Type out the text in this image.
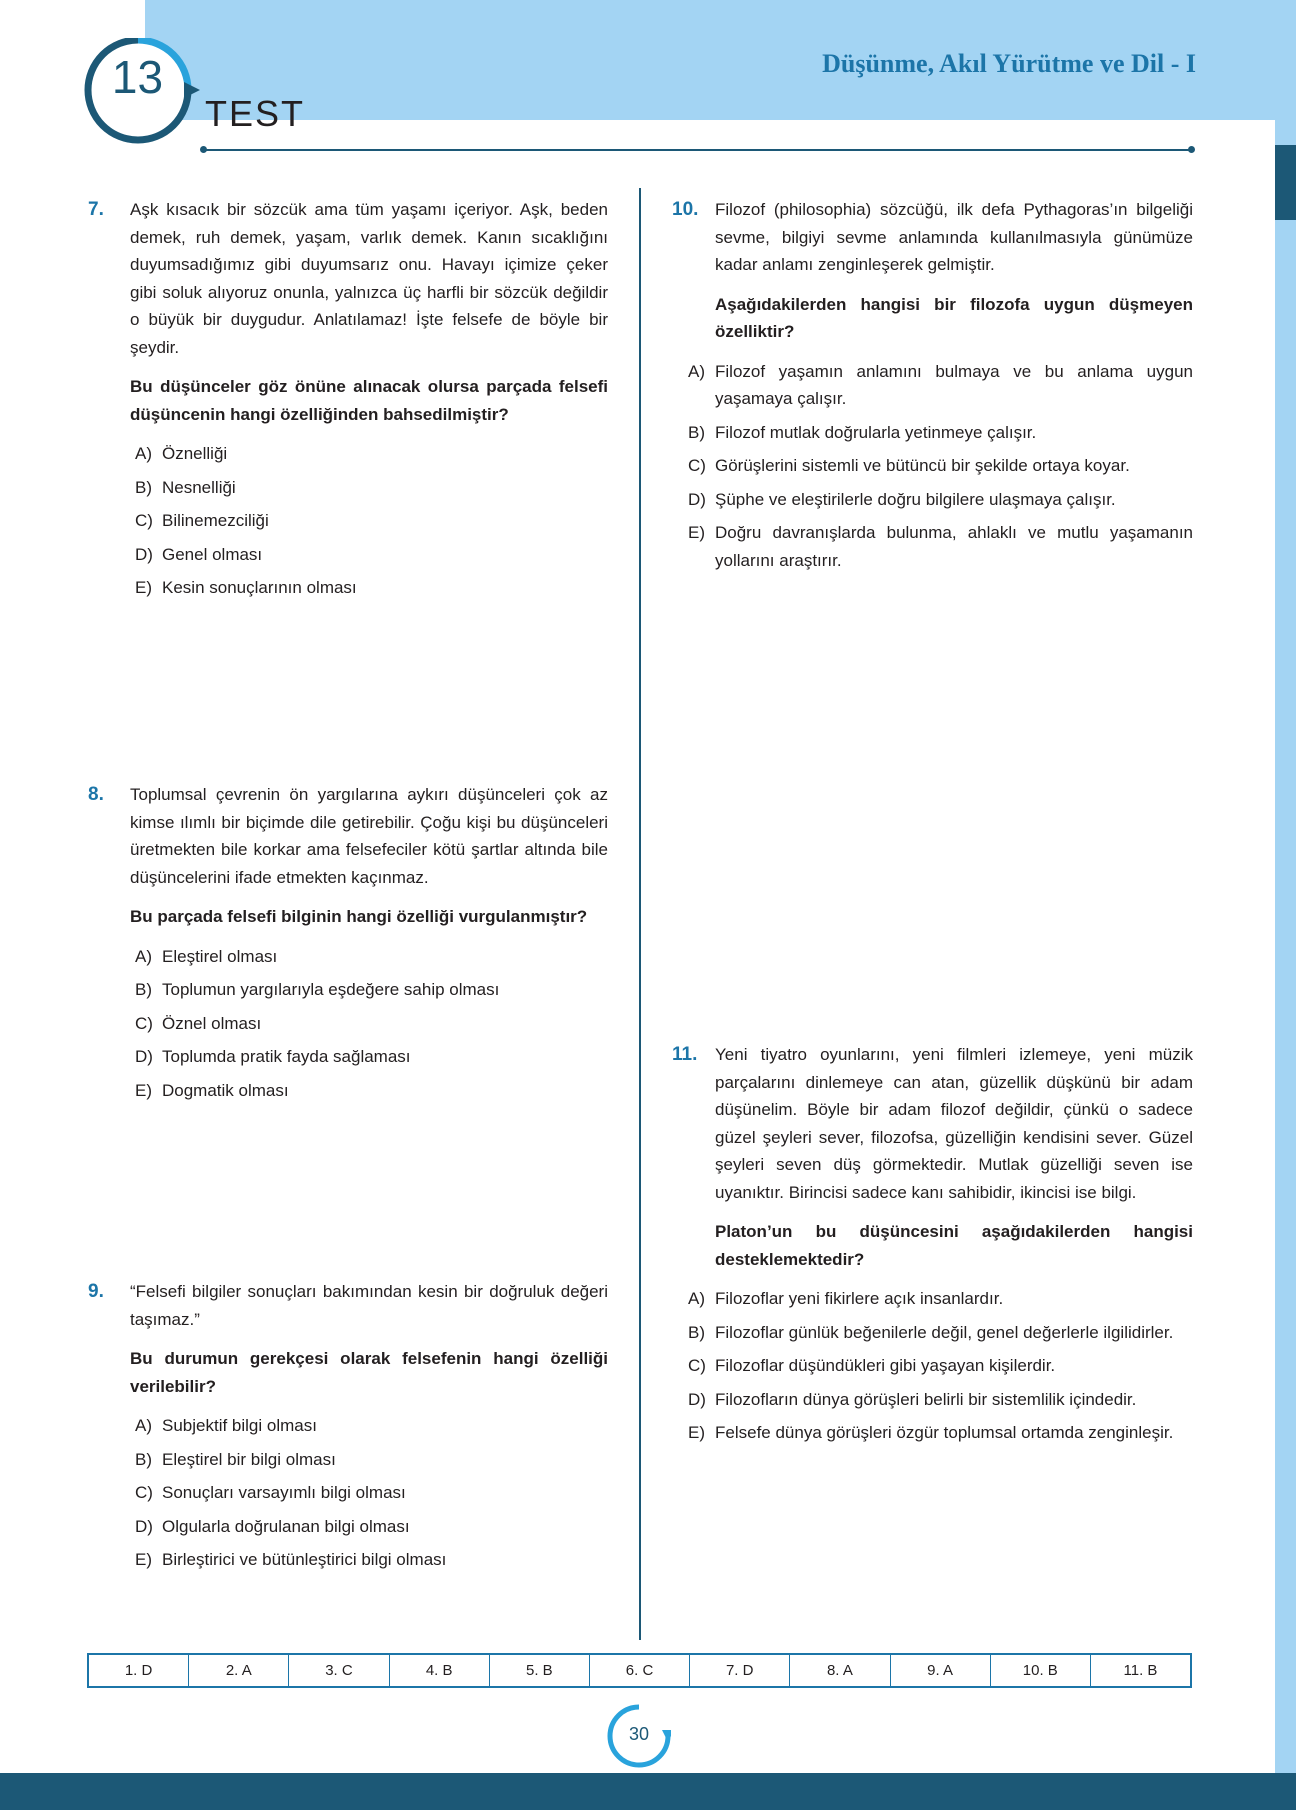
13
TEST
Düşünme, Akıl Yürütme ve Dil - I
7.	Aşk kısacık bir sözcük ama tüm yaşamı içeriyor. Aşk, beden demek, ruh demek, yaşam, varlık demek. Kanın sıcaklığını duyumsadığımız gibi duyumsarız onu. Havayı içimize çeker gibi soluk alıyoruz onunla, yalnızca üç harfli bir sözcük değildir o büyük bir duygudur. Anlatılamaz! İşte felsefe de böyle bir şeydir.
Bu düşünceler göz önüne alınacak olursa parçada felsefi düşüncenin hangi özelliğinden bahsedilmiştir?
A) Öznelliği
B) Nesnelliği
C) Bilinemezciliği
D) Genel olması
E) Kesin sonuçlarının olması
8.	Toplumsal çevrenin ön yargılarına aykırı düşünceleri çok az kimse ılımlı bir biçimde dile getirebilir. Çoğu kişi bu düşünceleri üretmekten bile korkar ama felsefeciler kötü şartlar altında bile düşüncelerini ifade etmekten kaçınmaz.
Bu parçada felsefi bilginin hangi özelliği vurgulanmıştır?
A) Eleştirel olması
B) Toplumun yargılarıyla eşdeğere sahip olması
C) Öznel olması
D) Toplumda pratik fayda sağlaması
E) Dogmatik olması
9.	“Felsefi bilgiler sonuçları bakımından kesin bir doğruluk değeri taşımaz.”
Bu durumun gerekçesi olarak felsefenin hangi özelliği verilebilir?
A) Subjektif bilgi olması
B) Eleştirel bir bilgi olması
C) Sonuçları varsayımlı bilgi olması
D) Olgularla doğrulanan bilgi olması
E) Birleştirici ve bütünleştirici bilgi olması
10. Filozof (philosophia) sözcüğü, ilk defa Pythagoras’ın bilgeliği sevme, bilgiyi sevme anlamında kullanılmasıyla günümüze kadar anlamı zenginleşerek gelmiştir.
Aşağıdakilerden hangisi bir filozofa uygun düşmeyen özelliktir?
A) Filozof yaşamın anlamını bulmaya ve bu anlama uygun yaşamaya çalışır.
B) Filozof mutlak doğrularla yetinmeye çalışır.
C) Görüşlerini sistemli ve bütüncü bir şekilde ortaya koyar.
D) Şüphe ve eleştirilerle doğru bilgilere ulaşmaya çalışır.
E) Doğru davranışlarda bulunma, ahlaklı ve mutlu yaşamanın yollarını araştırır.
11.	Yeni tiyatro oyunlarını, yeni filmleri izlemeye, yeni müzik parçalarını dinlemeye can atan, güzellik düşkünü bir adam düşünelim. Böyle bir adam filozof değildir, çünkü o sadece güzel şeyleri sever, filozofsa, güzelliğin kendisini sever. Güzel şeyleri seven düş görmektedir. Mutlak güzelliği seven ise uyanıktır. Birincisi sadece kanı sahibidir, ikincisi ise bilgi.
Platon’un bu düşüncesini aşağıdakilerden hangisi desteklemektedir?
A) Filozoflar yeni fikirlere açık insanlardır.
B) Filozoflar günlük beğenilerle değil, genel değerlerle ilgilidirler.
C) Filozoflar düşündükleri gibi yaşayan kişilerdir.
D) Filozofların dünya görüşleri belirli bir sistemlilik içindedir.
E) Felsefe dünya görüşleri özgür toplumsal ortamda zenginleşir.
1. D	2. A	3. C	4. B	5. B	6. C	7. D	8. A	9. A	10. B	11. B
30
